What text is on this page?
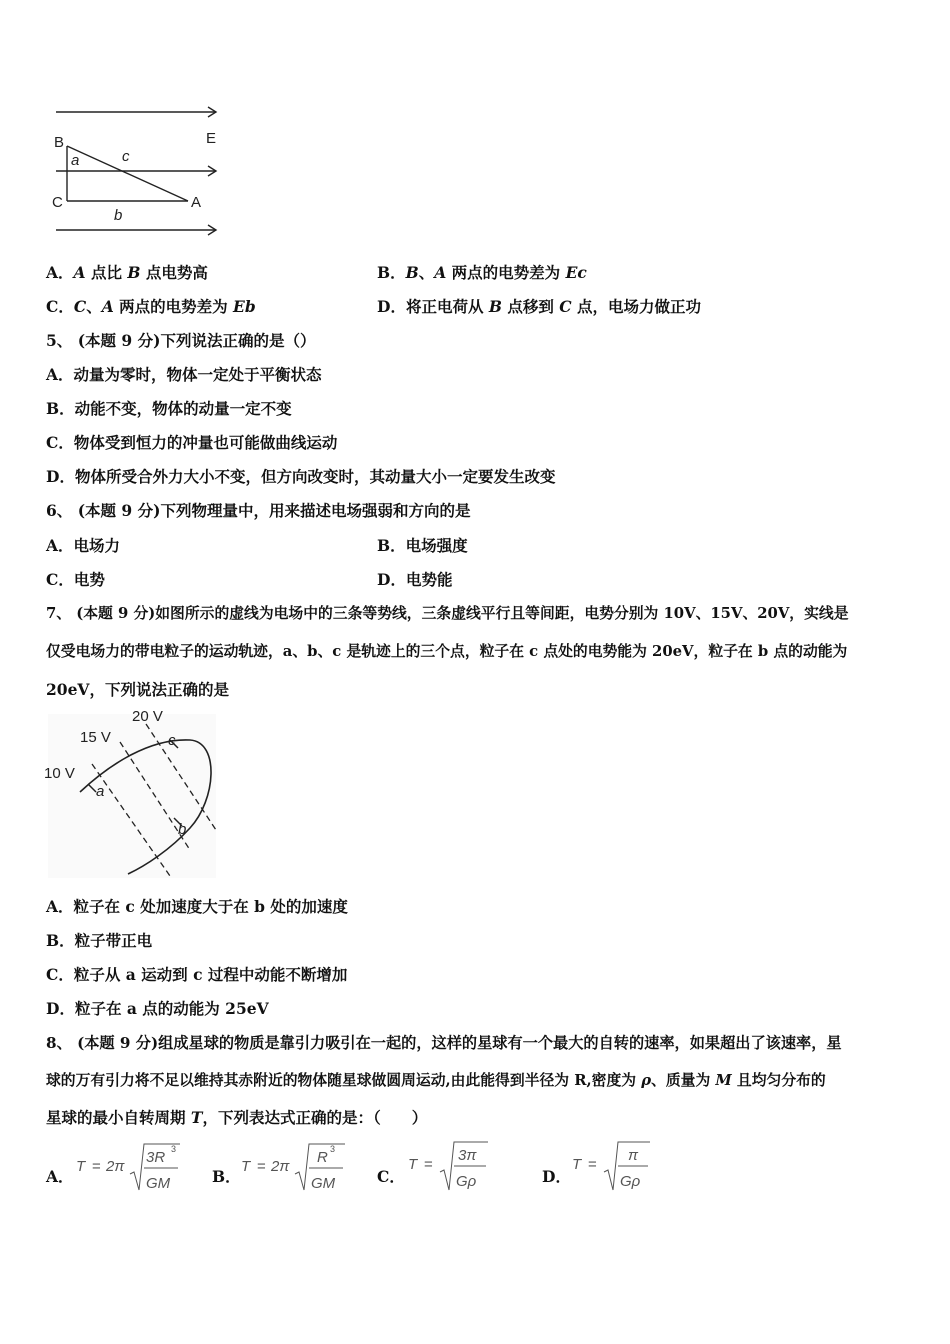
B	E
a	c
C	A
b
A．A 点比 B 点电势高	B．B、A 两点的电势差为 Ec
C．C、A 两点的电势差为 Eb	D．将正电荷从 B 点移到 C 点，电场力做正功
5、 (本题 9 分)下列说法正确的是（）
A．动量为零时，物体一定处于平衡状态
B．动能不变，物体的动量一定不变
C．物体受到恒力的冲量也可能做曲线运动
D．物体所受合外力大小不变，但方向改变时，其动量大小一定要发生改变
6、 (本题 9 分)下列物理量中，用来描述电场强弱和方向的是
A．电场力	B．电场强度
C．电势	D．电势能
7、 (本题 9 分)如图所示的虚线为电场中的三条等势线，三条虚线平行且等间距，电势分别为 10V、15V、20V，实线是
仅受电场力的带电粒子的运动轨迹，a、b、c 是轨迹上的三个点，粒子在 c 点处的电势能为 20eV，粒子在 b 点的动能为
20eV，下列说法正确的是
20 V
15 V
10 V
a
c
b
A．粒子在 c 处加速度大于在 b 处的加速度
B．粒子带正电
C．粒子从 a 运动到 c 过程中动能不断增加
D．粒子在 a 点的动能为 25eV
8、 (本题 9 分)组成星球的物质是靠引力吸引在一起的，这样的星球有一个最大的自转的速率，如果超出了该速率，星
球的万有引力将不足以维持其赤附近的物体随星球做圆周运动,由此能得到半径为 R,密度为 ρ、质量为 M 且均匀分布的
星球的最小自转周期 T，下列表达式正确的是：（　　）
A．
T = 2π
3R 3
GM	B．
T = 2π
R 3
GM	C．
T =
3π
Gρ	D．
T =
π
Gρ
